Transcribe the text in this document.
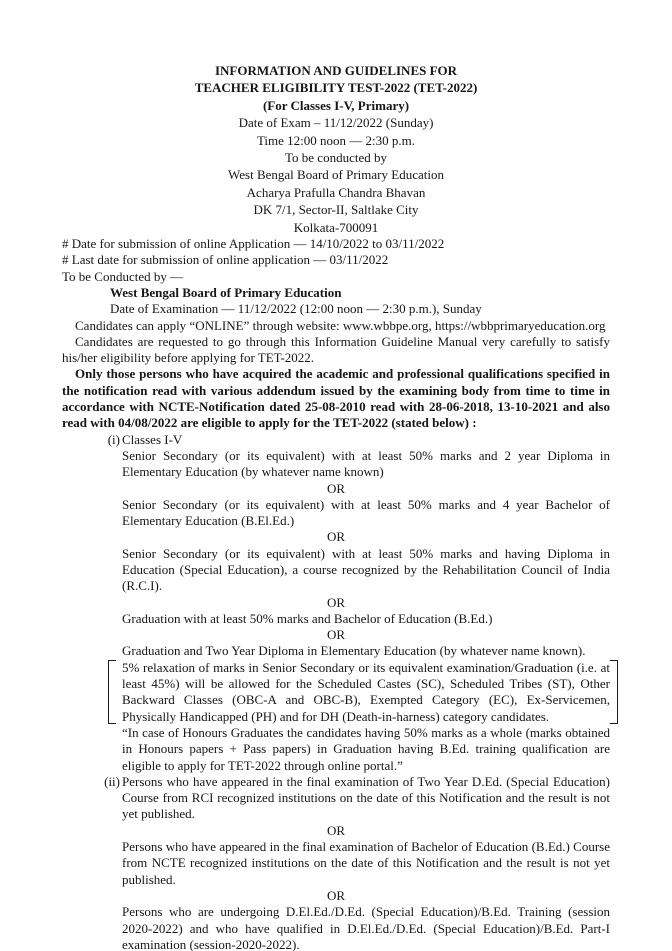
INFORMATION AND GUIDELINES FOR
TEACHER ELIGIBILITY TEST-2022 (TET-2022)
(For Classes I-V, Primary)
Date of Exam – 11/12/2022 (Sunday)
Time 12:00 noon — 2:30 p.m.
To be conducted by
West Bengal Board of Primary Education
Acharya Prafulla Chandra Bhavan
DK 7/1, Sector-II, Saltlake City
Kolkata-700091
# Date for submission of online Application — 14/10/2022 to 03/11/2022
# Last date for submission of online application — 03/11/2022
To be Conducted by —
West Bengal Board of Primary Education
Date of Examination — 11/12/2022 (12:00 noon — 2:30 p.m.), Sunday
Candidates can apply “ONLINE” through website: www.wbbpe.org, https://wbbprimaryeducation.org

Candidates are requested to go through this Information Guideline Manual very carefully to satisfy his/her eligibility before applying for TET-2022.

Only those persons who have acquired the academic and professional qualifications specified in the notification read with various addendum issued by the examining body from time to time in accordance with NCTE-Notification dated 25-08-2010 read with 28-06-2018, 13-10-2021 and also read with 04/08/2022 are eligible to apply for the TET-2022 (stated below) :

(i) Classes I-V

Senior Secondary (or its equivalent) with at least 50% marks and 2 year Diploma in Elementary Education (by whatever name known)

OR

Senior Secondary (or its equivalent) with at least 50% marks and 4 year Bachelor of Elementary Education (B.El.Ed.)

OR

Senior Secondary (or its equivalent) with at least 50% marks and having Diploma in Education (Special Education), a course recognized by the Rehabilitation Council of India (R.C.I).

OR

Graduation with at least 50% marks and Bachelor of Education (B.Ed.)

OR

Graduation and Two Year Diploma in Elementary Education (by whatever name known).

5% relaxation of marks in Senior Secondary or its equivalent examination/Graduation (i.e. at least 45%) will be allowed for the Scheduled Castes (SC), Scheduled Tribes (ST), Other Backward Classes (OBC-A and OBC-B), Exempted Category (EC), Ex-Servicemen, Physically Handicapped (PH) and for DH (Death-in-harness) category candidates.

“In case of Honours Graduates the candidates having 50% marks as a whole (marks obtained in Honours papers + Pass papers) in Graduation having B.Ed. training qualification are eligible to apply for TET-2022 through online portal.”

(ii) Persons who have appeared in the final examination of Two Year D.Ed. (Special Education) Course from RCI recognized institutions on the date of this Notification and the result is not yet published.

OR

Persons who have appeared in the final examination of Bachelor of Education (B.Ed.) Course from NCTE recognized institutions on the date of this Notification and the result is not yet published.

OR

Persons who are undergoing D.El.Ed./D.Ed. (Special Education)/B.Ed. Training (session 2020-2022) and who have qualified in D.El.Ed./D.Ed. (Special Education)/B.Ed. Part-I examination (session-2020-2022).
